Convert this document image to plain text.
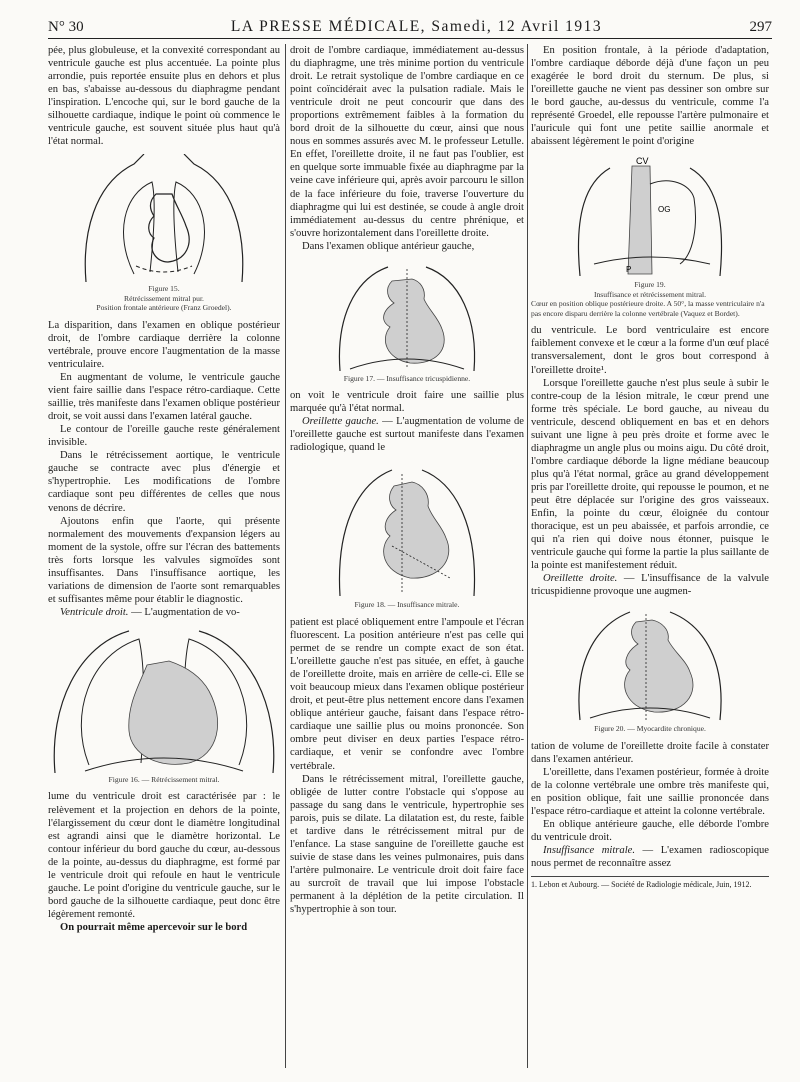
N° 30	LA PRESSE MÉDICALE, Samedi, 12 Avril 1913	297

pée, plus globuleuse, et la convexité correspondant au ventricule gauche est plus accentuée. La pointe plus arrondie, puis reportée ensuite plus en dehors et plus en bas, s'abaisse au-dessous du diaphragme pendant l'inspiration. L'encoche qui, sur le bord gauche de la silhouette cardiaque, indique le point où commence le ventricule gauche, est souvent située plus haut qu'à l'état normal.

Figure 15.
Rétrécissement mitral pur.
Position frontale antérieure (Franz Groedel).

La disparition, dans l'examen en oblique postérieur droit, de l'ombre cardiaque derrière la colonne vertébrale, prouve encore l'augmentation de la masse ventriculaire.

En augmentant de volume, le ventricule gauche vient faire saillie dans l'espace rétro-cardiaque. Cette saillie, très manifeste dans l'examen oblique postérieur droit, se voit aussi dans l'examen latéral gauche.

Le contour de l'oreille gauche reste généralement invisible.

Dans le rétrécissement aortique, le ventricule gauche se contracte avec plus d'énergie et s'hypertrophie. Les modifications de l'ombre cardiaque sont peu différentes de celles que nous venons de décrire.

Ajoutons enfin que l'aorte, qui présente normalement des mouvements d'expansion légers au moment de la systole, offre sur l'écran des battements très forts lorsque les valvules sigmoïdes sont insuffisantes. Dans l'insuffisance aortique, les variations de dimension de l'aorte sont remarquables et suffisantes même pour établir le diagnostic.

Ventricule droit. — L'augmentation de vo-

Figure 16. — Rétrécissement mitral.

lume du ventricule droit est caractérisée par : le relèvement et la projection en dehors de la pointe, l'élargissement du cœur dont le diamètre longitudinal est agrandi ainsi que le diamètre horizontal. Le contour inférieur du bord gauche du cœur, au-dessous de la pointe, au-dessus du diaphragme, est formé par le ventricule droit qui refoule en haut le ventricule gauche. Le point d'origine du ventricule gauche, sur le bord gauche de la silhouette cardiaque, peut donc être légèrement remonté.

On pourrait même apercevoir sur le bord

droit de l'ombre cardiaque, immédiatement au-dessus du diaphragme, une très minime portion du ventricule droit. Le retrait systolique de l'ombre cardiaque en ce point coïncidérait avec la pulsation radiale. Mais le ventricule droit ne peut concourir que dans des proportions extrêmement faibles à la formation du bord droit de la silhouette du cœur, ainsi que nous nous en sommes assurés avec M. le professeur Letulle. En effet, l'oreillette droite, il ne faut pas l'oublier, est en quelque sorte immuable fixée au diaphragme par la veine cave inférieure qui, après avoir parcouru le sillon de la face inférieure du foie, traverse l'ouverture du diaphragme qui lui est destinée, se coude à angle droit immédiatement au-dessus du centre phrénique, et s'ouvre horizontalement dans l'oreillette droite.

Dans l'examen oblique antérieur gauche,

Figure 17. — Insuffisance tricuspidienne.

on voit le ventricule droit faire une saillie plus marquée qu'à l'état normal.

Oreillette gauche. — L'augmentation de volume de l'oreillette gauche est surtout manifeste dans l'examen radiologique, quand le

Figure 18. — Insuffisance mitrale.

patient est placé obliquement entre l'ampoule et l'écran fluorescent. La position antérieure n'est pas celle qui permet de se rendre un compte exact de son état. L'oreillette gauche n'est pas située, en effet, à gauche de l'oreillette droite, mais en arrière de celle-ci. Elle se voit beaucoup mieux dans l'examen oblique postérieur droit, et peut-être plus nettement encore dans l'examen oblique antérieur gauche, faisant dans l'espace rétro-cardiaque une saillie plus ou moins prononcée. Son ombre peut diviser en deux parties l'espace rétro-cardiaque, et venir se confondre avec l'ombre vertébrale.

Dans le rétrécissement mitral, l'oreillette gauche, obligée de lutter contre l'obstacle qui s'oppose au passage du sang dans le ventricule, hypertrophie ses parois, puis se dilate. La dilatation est, du reste, faible et tardive dans le rétrécissement mitral pur de l'enfance. La stase sanguine de l'oreillette gauche est suivie de stase dans les veines pulmonaires, puis dans l'artère pulmonaire. Le ventricule droit doit faire face au surcroît de travail que lui impose l'obstacle permanent à la déplétion de la petite circulation. Il s'hypertrophie à son tour.

En position frontale, à la période d'adaptation, l'ombre cardiaque déborde déjà d'une façon un peu exagérée le bord droit du sternum. De plus, si l'oreillette gauche ne vient pas dessiner son ombre sur le bord gauche, au-dessus du ventricule, comme l'a représenté Groedel, elle repousse l'artère pulmonaire et l'auricule qui font une petite saillie anormale et abaissent légèrement le point d'origine

CV
OG
P
Figure 19.
Insuffisance et rétrécissement mitral.
Cœur en position oblique postérieure droite. A 50°, la masse ventriculaire n'a pas encore disparu derrière la colonne vertébrale (Vaquez et Bordet).

du ventricule. Le bord ventriculaire est encore faiblement convexe et le cœur a la forme d'un œuf placé transversalement, dont le gros bout correspond à l'oreillette droite¹.

Lorsque l'oreillette gauche n'est plus seule à subir le contre-coup de la lésion mitrale, le cœur prend une forme très spéciale. Le bord gauche, au niveau du ventricule, descend obliquement en bas et en dehors suivant une ligne à peu près droite et forme avec le diaphragme un angle plus ou moins aigu. Du côté droit, l'ombre cardiaque déborde la ligne médiane beaucoup plus qu'à l'état normal, grâce au grand développement pris par l'oreillette droite, qui repousse le poumon, et ne peut être déplacée sur l'origine des gros vaisseaux. Enfin, la pointe du cœur, éloignée du contour thoracique, est un peu abaissée, et parfois arrondie, ce qui n'a rien qui doive nous étonner, puisque le ventricule gauche qui forme la partie la plus saillante de la pointe est manifestement réduit.

Oreillette droite. — L'insuffisance de la valvule tricuspidienne provoque une augmen-

Figure 20. — Myocardite chronique.

tation de volume de l'oreillette droite facile à constater dans l'examen antérieur.

L'oreillette, dans l'examen postérieur, formée à droite de la colonne vertébrale une ombre très manifeste qui, en position oblique, fait une saillie prononcée dans l'espace rétro-cardiaque et atteint la colonne vertébrale.

En oblique antérieure gauche, elle déborde l'ombre du ventricule droit.

Insuffisance mitrale. — L'examen radioscopique nous permet de reconnaître assez

1. Lebon et Aubourg. — Société de Radiologie médicale, Juin, 1912.
